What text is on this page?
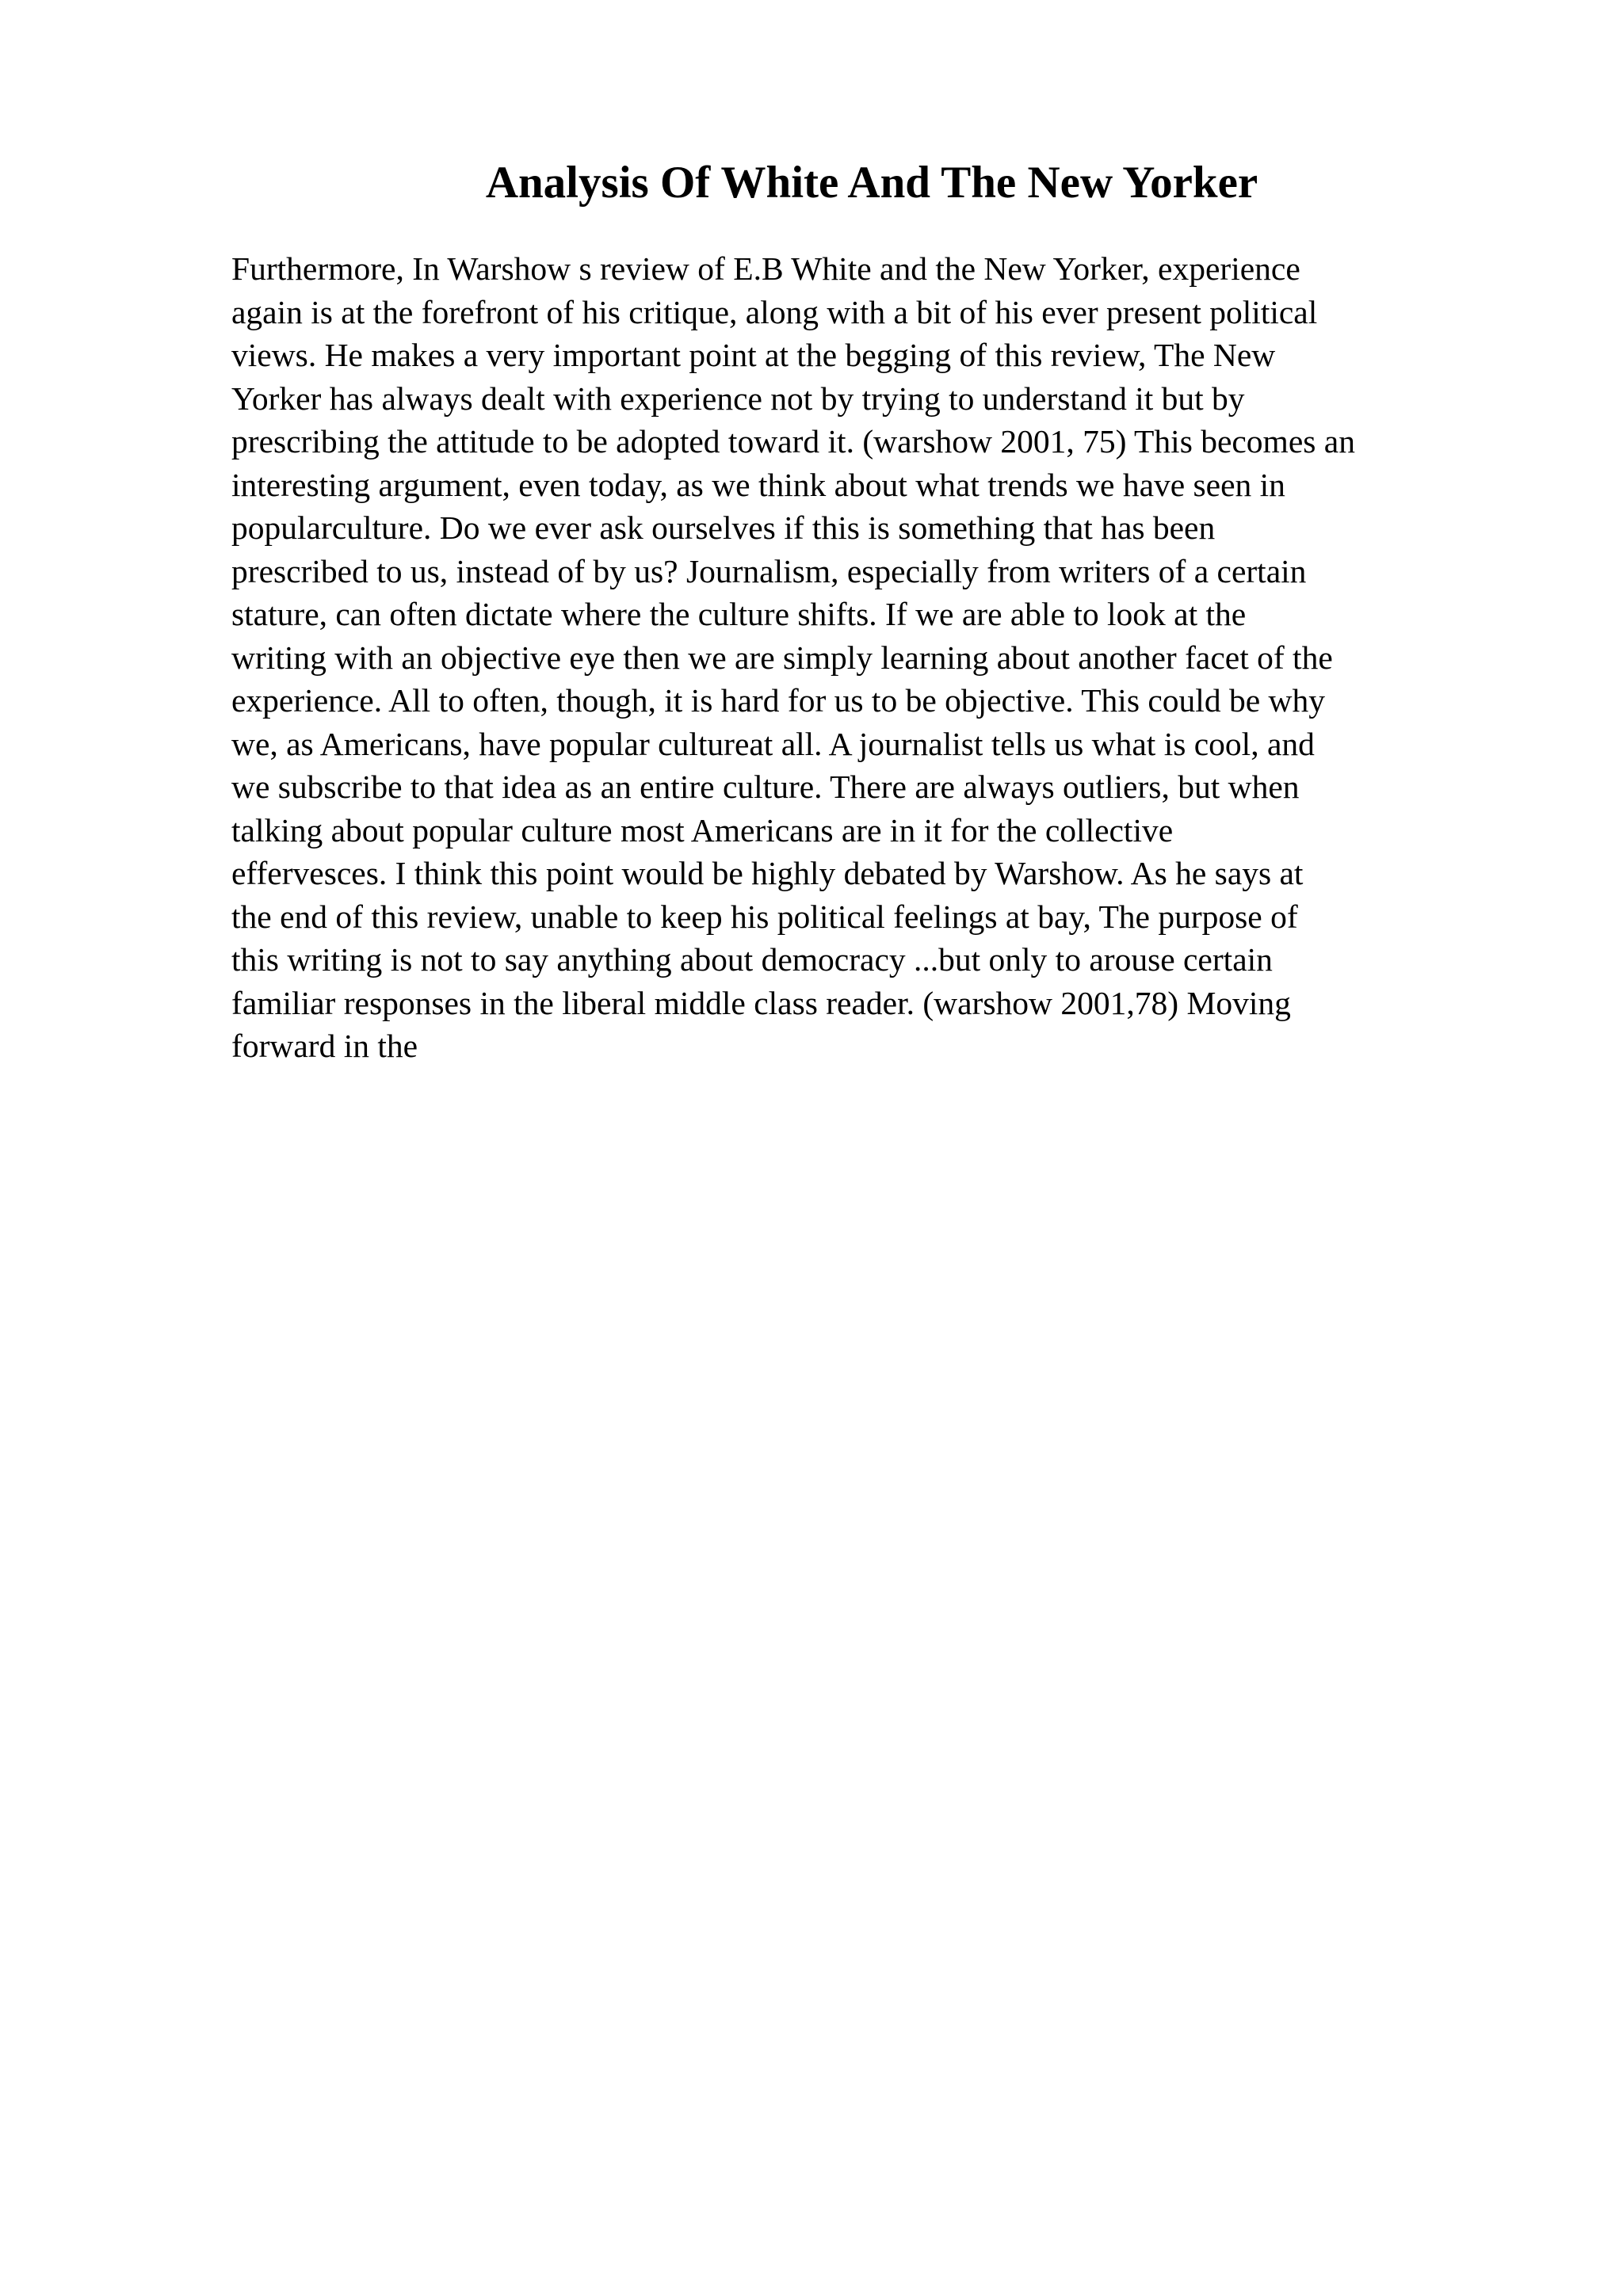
Analysis Of White And The New Yorker
Furthermore, In Warshow s review of E.B White and the New Yorker, experience
again is at the forefront of his critique, along with a bit of his ever present political
views. He makes a very important point at the begging of this review, The New
Yorker has always dealt with experience not by trying to understand it but by
prescribing the attitude to be adopted toward it. (warshow 2001, 75) This becomes an
interesting argument, even today, as we think about what trends we have seen in
popularculture. Do we ever ask ourselves if this is something that has been
prescribed to us, instead of by us? Journalism, especially from writers of a certain
stature, can often dictate where the culture shifts. If we are able to look at the
writing with an objective eye then we are simply learning about another facet of the
experience. All to often, though, it is hard for us to be objective. This could be why
we, as Americans, have popular cultureat all. A journalist tells us what is cool, and
we subscribe to that idea as an entire culture. There are always outliers, but when
talking about popular culture most Americans are in it for the collective
effervesces. I think this point would be highly debated by Warshow. As he says at
the end of this review, unable to keep his political feelings at bay, The purpose of
this writing is not to say anything about democracy ...but only to arouse certain
familiar responses in the liberal middle class reader. (warshow 2001,78) Moving
forward in the
